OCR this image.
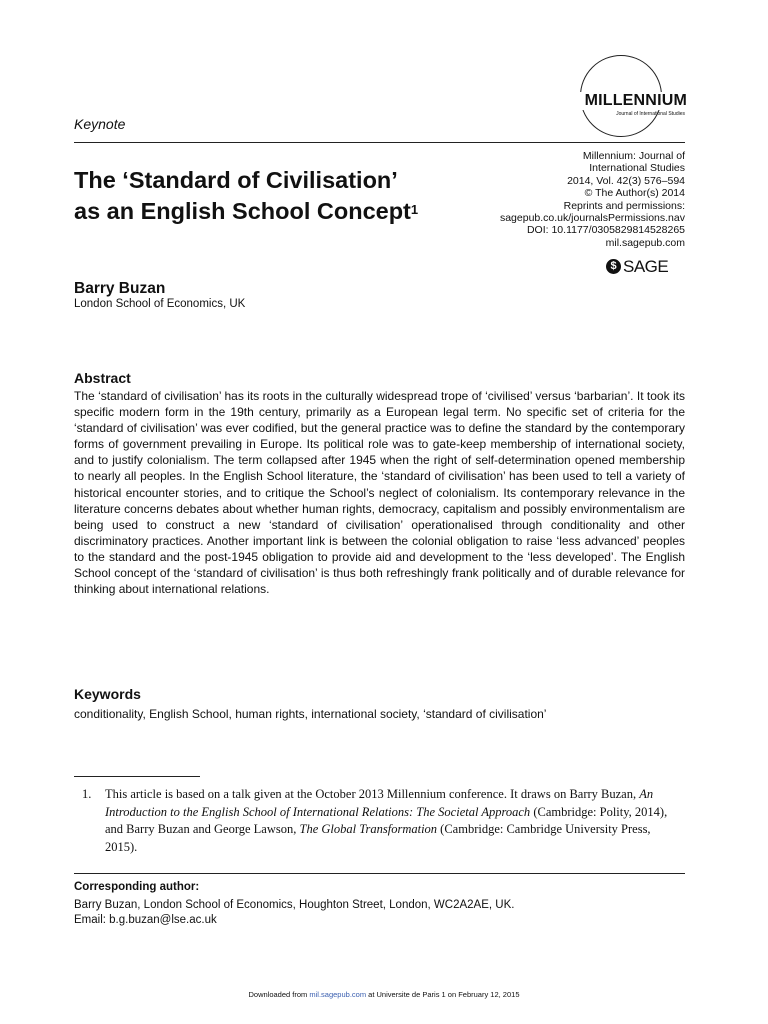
MILLENNIUM
Journal of International Studies
Keynote
The ‘Standard of Civilisation’
as an English School Concept$^1$
Millennium: Journal of
International Studies
2014, Vol. 42(3) 576–594
© The Author(s) 2014
Reprints and permissions:
sagepub.co.uk/journalsPermissions.nav
DOI: 10.1177/0305829814528265
mil.sagepub.com
$ SAGE
Barry Buzan
London School of Economics, UK
Abstract
The ‘standard of civilisation’ has its roots in the culturally widespread trope of ‘civilised’ versus ‘barbarian’. It took its specific modern form in the 19th century, primarily as a European legal term. No specific set of criteria for the ‘standard of civilisation’ was ever codified, but the general practice was to define the standard by the contemporary forms of government prevailing in Europe. Its political role was to gate-keep membership of international society, and to justify colonialism. The term collapsed after 1945 when the right of self-determination opened membership to nearly all peoples. In the English School literature, the ‘standard of civilisation’ has been used to tell a variety of historical encounter stories, and to critique the School’s neglect of colonialism. Its contemporary relevance in the literature concerns debates about whether human rights, democracy, capitalism and possibly environmentalism are being used to construct a new ‘standard of civilisation’ operationalised through conditionality and other discriminatory practices. Another important link is between the colonial obligation to raise ‘less advanced’ peoples to the standard and the post-1945 obligation to provide aid and development to the ‘less developed’. The English School concept of the ‘standard of civilisation’ is thus both refreshingly frank politically and of durable relevance for thinking about international relations.
Keywords
conditionality, English School, human rights, international society, ‘standard of civilisation’
1. This article is based on a talk given at the October 2013 Millennium conference. It draws on Barry Buzan, An Introduction to the English School of International Relations: The Societal Approach (Cambridge: Polity, 2014), and Barry Buzan and George Lawson, The Global Transformation (Cambridge: Cambridge University Press, 2015).
Corresponding author:
Barry Buzan, London School of Economics, Houghton Street, London, WC2A2AE, UK.
Email: b.g.buzan@lse.ac.uk
Downloaded from mil.sagepub.com at Universite de Paris 1 on February 12, 2015
